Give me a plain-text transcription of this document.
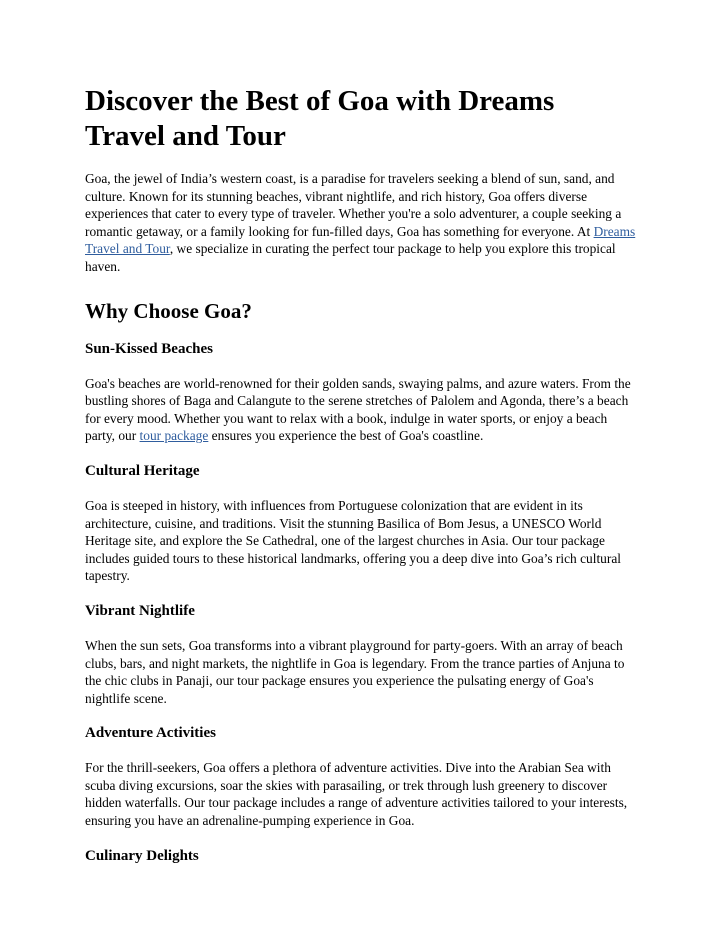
Discover the Best of Goa with Dreams Travel and Tour

Goa, the jewel of India’s western coast, is a paradise for travelers seeking a blend of sun, sand, and culture. Known for its stunning beaches, vibrant nightlife, and rich history, Goa offers diverse experiences that cater to every type of traveler. Whether you're a solo adventurer, a couple seeking a romantic getaway, or a family looking for fun-filled days, Goa has something for everyone. At Dreams Travel and Tour, we specialize in curating the perfect tour package to help you explore this tropical haven.

Why Choose Goa?
Sun-Kissed Beaches

Goa's beaches are world-renowned for their golden sands, swaying palms, and azure waters. From the bustling shores of Baga and Calangute to the serene stretches of Palolem and Agonda, there’s a beach for every mood. Whether you want to relax with a book, indulge in water sports, or enjoy a beach party, our tour package ensures you experience the best of Goa's coastline.

Cultural Heritage

Goa is steeped in history, with influences from Portuguese colonization that are evident in its architecture, cuisine, and traditions. Visit the stunning Basilica of Bom Jesus, a UNESCO World Heritage site, and explore the Se Cathedral, one of the largest churches in Asia. Our tour package includes guided tours to these historical landmarks, offering you a deep dive into Goa’s rich cultural tapestry.

Vibrant Nightlife

When the sun sets, Goa transforms into a vibrant playground for party-goers. With an array of beach clubs, bars, and night markets, the nightlife in Goa is legendary. From the trance parties of Anjuna to the chic clubs in Panaji, our tour package ensures you experience the pulsating energy of Goa's nightlife scene.

Adventure Activities

For the thrill-seekers, Goa offers a plethora of adventure activities. Dive into the Arabian Sea with scuba diving excursions, soar the skies with parasailing, or trek through lush greenery to discover hidden waterfalls. Our tour package includes a range of adventure activities tailored to your interests, ensuring you have an adrenaline-pumping experience in Goa.

Culinary Delights
